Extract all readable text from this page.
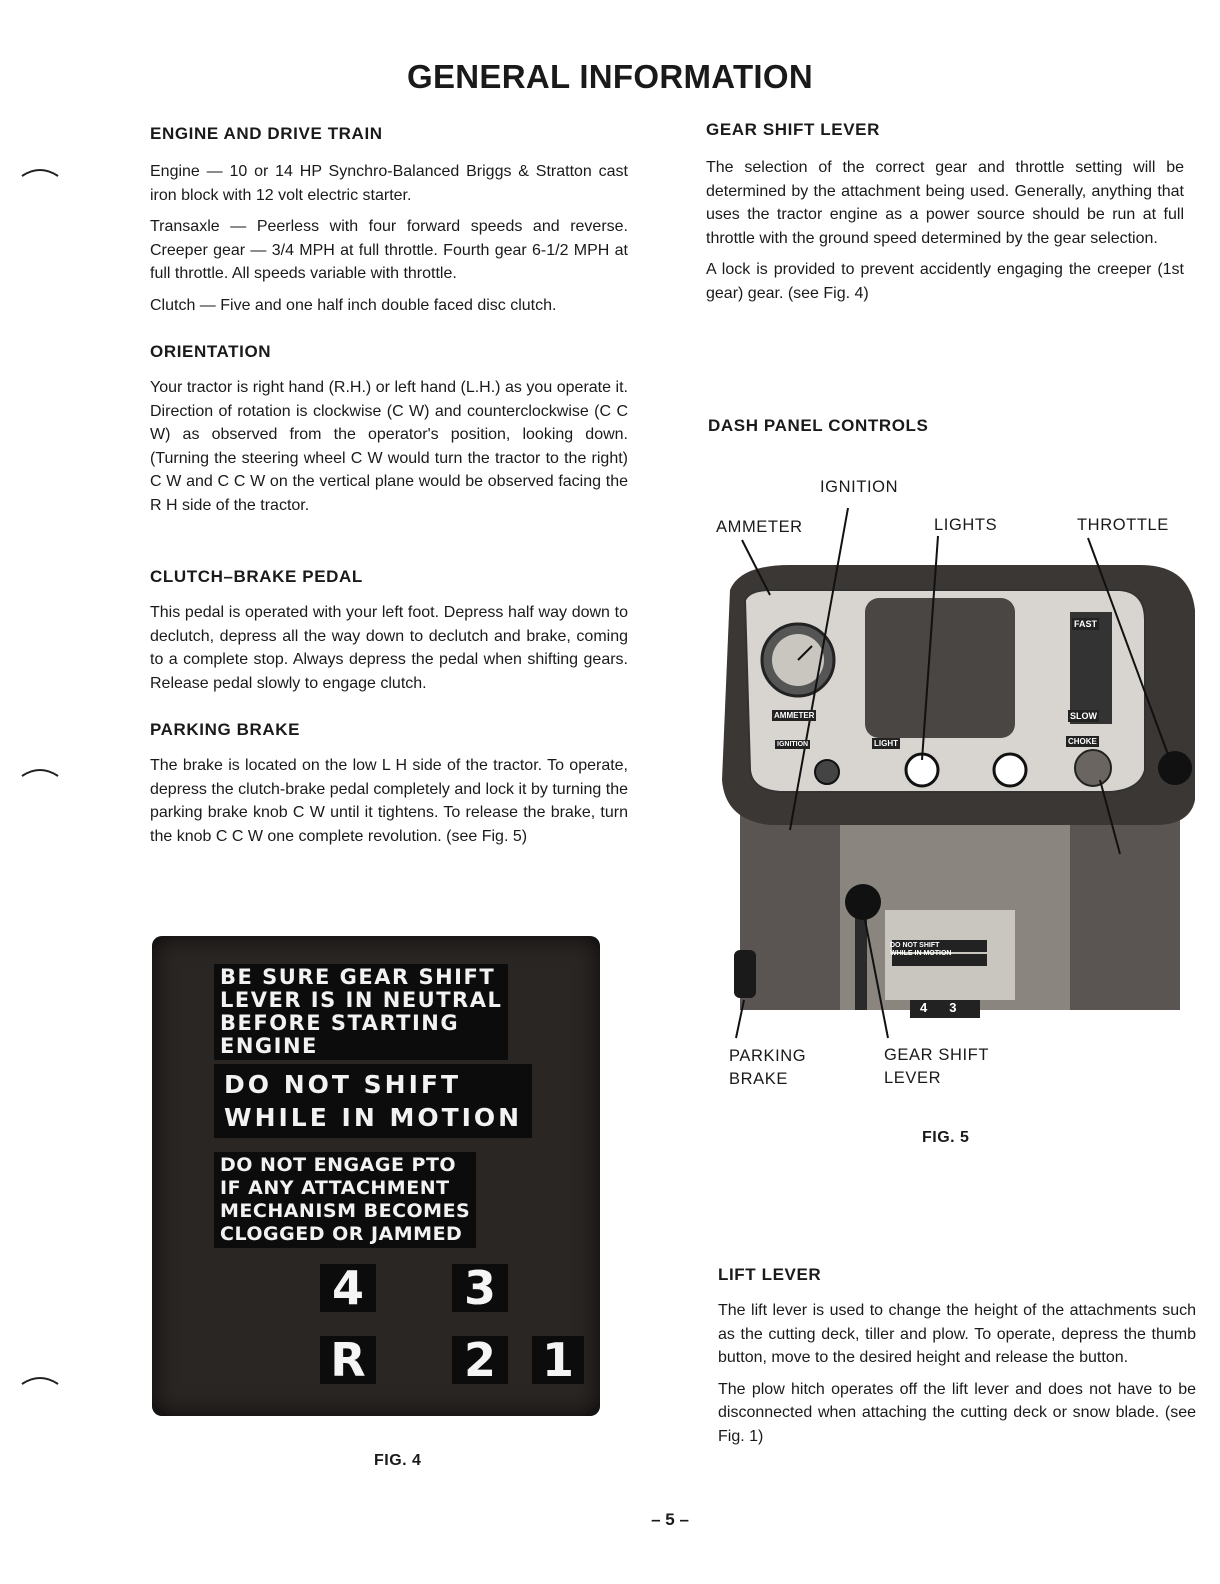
GENERAL INFORMATION
ENGINE AND DRIVE TRAIN

Engine — 10 or 14 HP Synchro-Balanced Briggs & Stratton cast iron block with 12 volt electric starter.

Transaxle — Peerless with four forward speeds and reverse. Creeper gear — 3/4 MPH at full throttle. Fourth gear 6-1/2 MPH at full throttle. All speeds variable with throttle.

Clutch — Five and one half inch double faced disc clutch.

ORIENTATION

Your tractor is right hand (R.H.) or left hand (L.H.) as you operate it. Direction of rotation is clockwise (C W) and counterclockwise (C C W) as observed from the operator's position, looking down. (Turning the steering wheel C W would turn the tractor to the right) C W and C C W on the vertical plane would be observed facing the R H side of the tractor.

CLUTCH–BRAKE PEDAL

This pedal is operated with your left foot. Depress half way down to declutch, depress all the way down to declutch and brake, coming to a complete stop. Always depress the pedal when shifting gears. Release pedal slowly to engage clutch.

PARKING BRAKE

The brake is located on the low L H side of the tractor. To operate, depress the clutch-brake pedal completely and lock it by turning the parking brake knob C W until it tightens. To release the brake, turn the knob C C W one complete revolution. (see Fig. 5)

BE SURE GEAR SHIFT
LEVER IS IN NEUTRAL
BEFORE STARTING
ENGINE
DO NOT SHIFT
WHILE IN MOTION
DO NOT ENGAGE PTO
IF ANY ATTACHMENT
MECHANISM BECOMES
CLOGGED OR JAMMED
4 3
R 2 1
FIG. 4
GEAR SHIFT LEVER

The selection of the correct gear and throttle setting will be determined by the attachment being used. Generally, anything that uses the tractor engine as a power source should be run at full throttle with the ground speed determined by the gear selection.

A lock is provided to prevent accidently engaging the creeper (1st gear) gear. (see Fig. 4)

DASH PANEL CONTROLS
IGNITION
AMMETER	LIGHTS	THROTTLE
PARKING
BRAKE
GEAR SHIFT
LEVER
FAST
SLOW
CHOKE
AMMETER
IGNITION	LIGHT
DO NOT SHIFT
WHILE IN MOTION
43
FIG. 5
LIFT LEVER

The lift lever is used to change the height of the attachments such as the cutting deck, tiller and plow. To operate, depress the thumb button, move to the desired height and release the button.

The plow hitch operates off the lift lever and does not have to be disconnected when attaching the cutting deck or snow blade. (see Fig. 1)

– 5 –
